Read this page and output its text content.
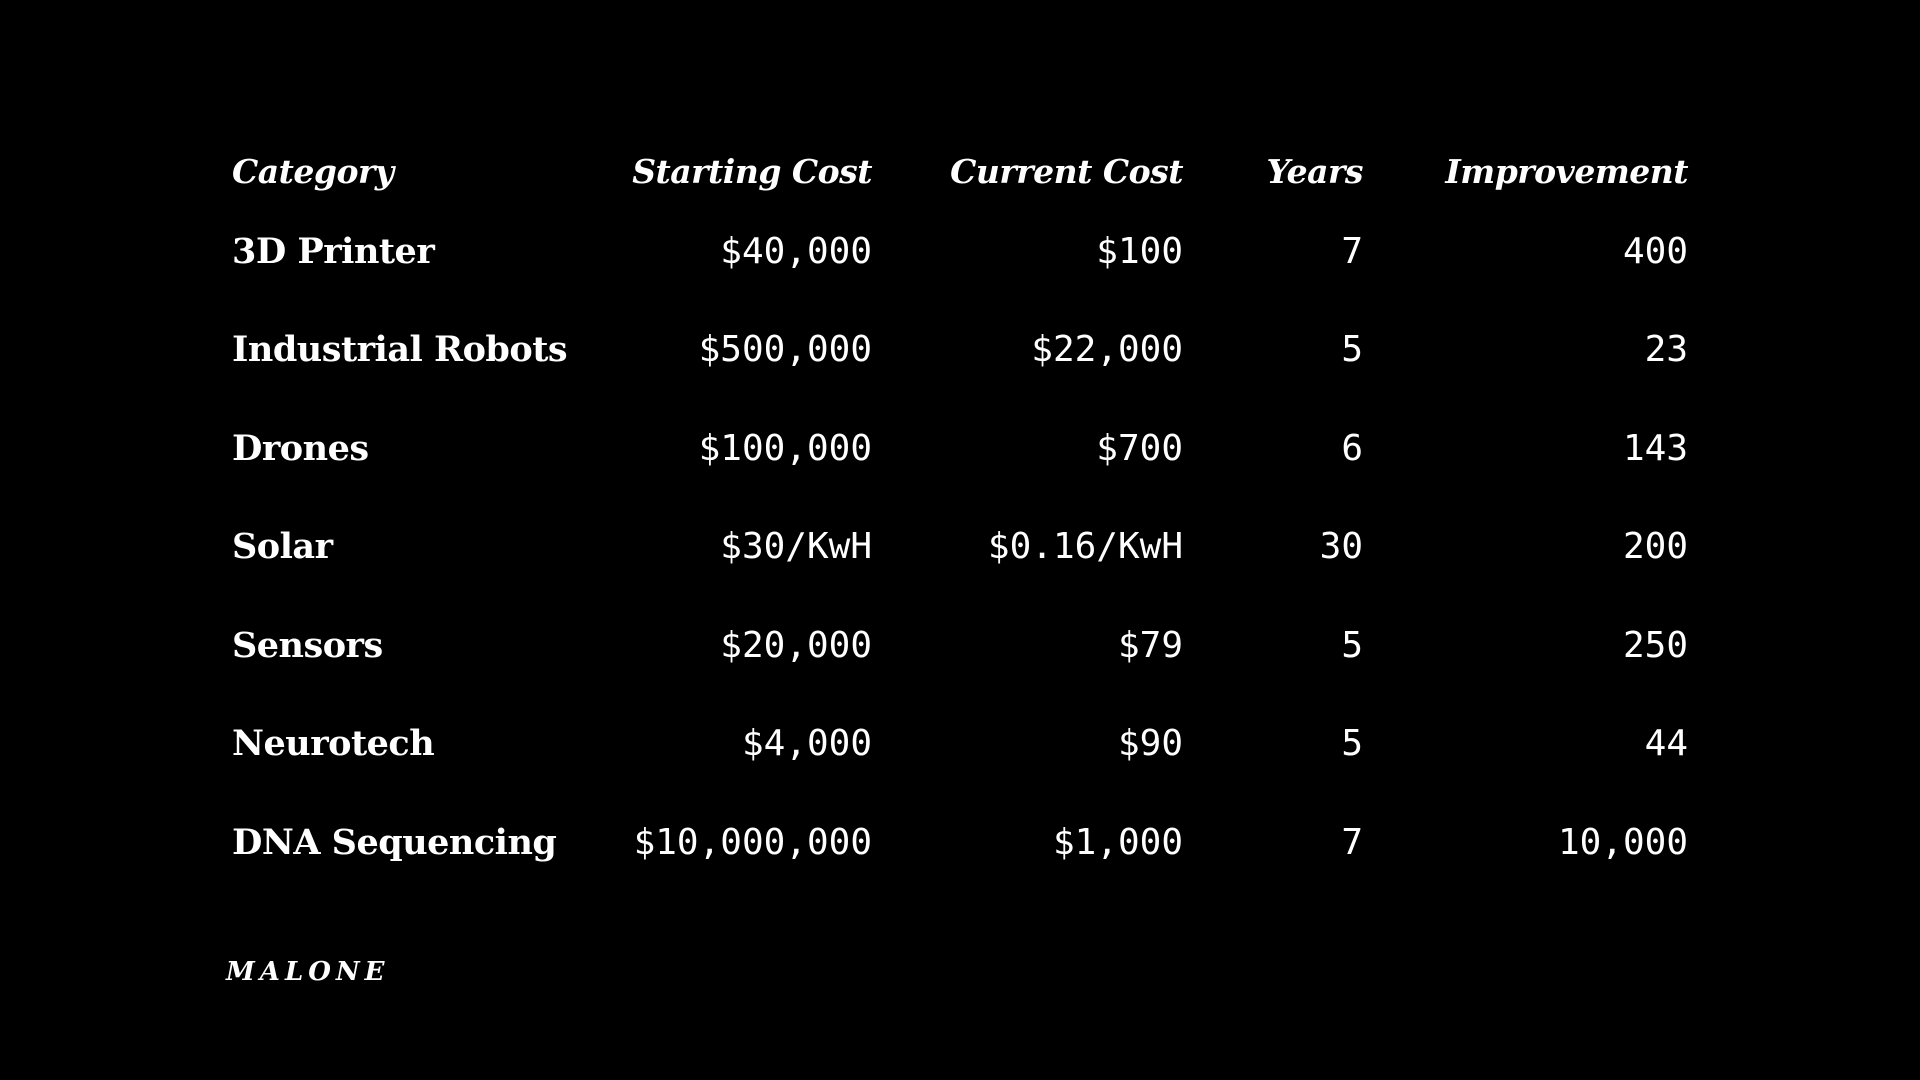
Category	Starting Cost	Current Cost	Years	Improvement
3D Printer	$40,000	$100	7	400
Industrial Robots	$500,000	$22,000	5	23
Drones	$100,000	$700	6	143
Solar	$30/KwH	$0.16/KwH	30	200
Sensors	$20,000	$79	5	250
Neurotech	$4,000	$90	5	44
DNA Sequencing	$10,000,000	$1,000	7	10,000
MALONE
